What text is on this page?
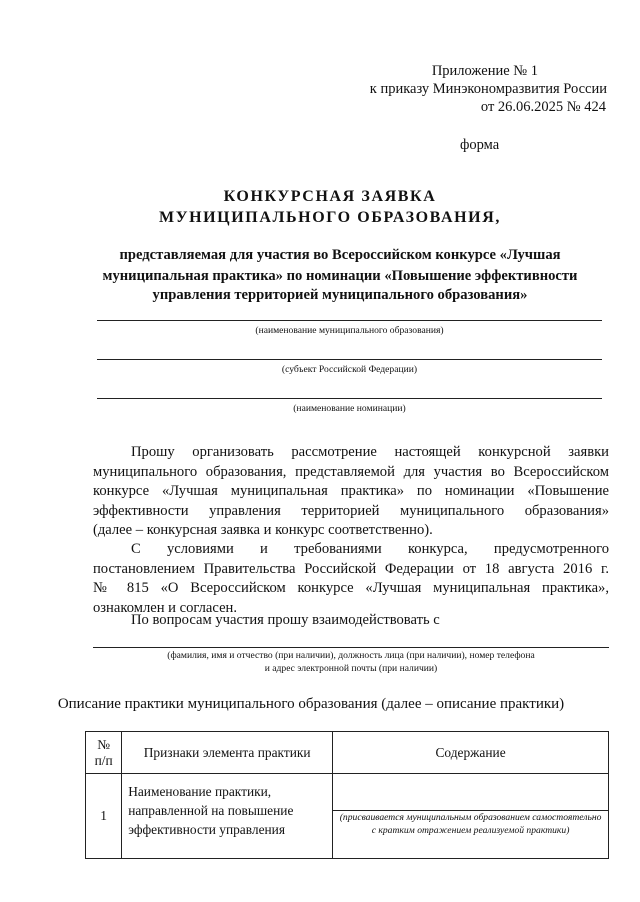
Приложение № 1
к приказу Минэкономразвития России
от 26.06.2025 № 424
форма
КОНКУРСНАЯ ЗАЯВКА
МУНИЦИПАЛЬНОГО ОБРАЗОВАНИЯ,
представляемая для участия во Всероссийском конкурсе «Лучшая
муниципальная практика» по номинации «Повышение эффективности
управления территорией муниципального образования»
(наименование муниципального образования)
(субъект Российской Федерации)
(наименование номинации)
Прошу организовать рассмотрение настоящей конкурсной заявки
муниципального образования, представляемой для участия во Всероссийском
конкурсе «Лучшая муниципальная практика» по номинации «Повышение
эффективности управления территорией муниципального образования»
(далее – конкурсная заявка и конкурс соответственно).
С условиями и требованиями конкурса, предусмотренного
постановлением Правительства Российской Федерации от 18 августа 2016 г.
№ 815 «О Всероссийском конкурсе «Лучшая муниципальная практика»,
ознакомлен и согласен.
По вопросам участия прошу взаимодействовать с
(фамилия, имя и отчество (при наличии), должность лица (при наличии), номер телефона
и адрес электронной почты (при наличии)
Описание практики муниципального образования (далее – описание практики)
№
п/п	Признаки элемента практики	Содержание
1	Наименование практики,
направленной на повышение
эффективности управления	(присваивается муниципальным образованием самостоятельно с кратким отражением реализуемой практики)
